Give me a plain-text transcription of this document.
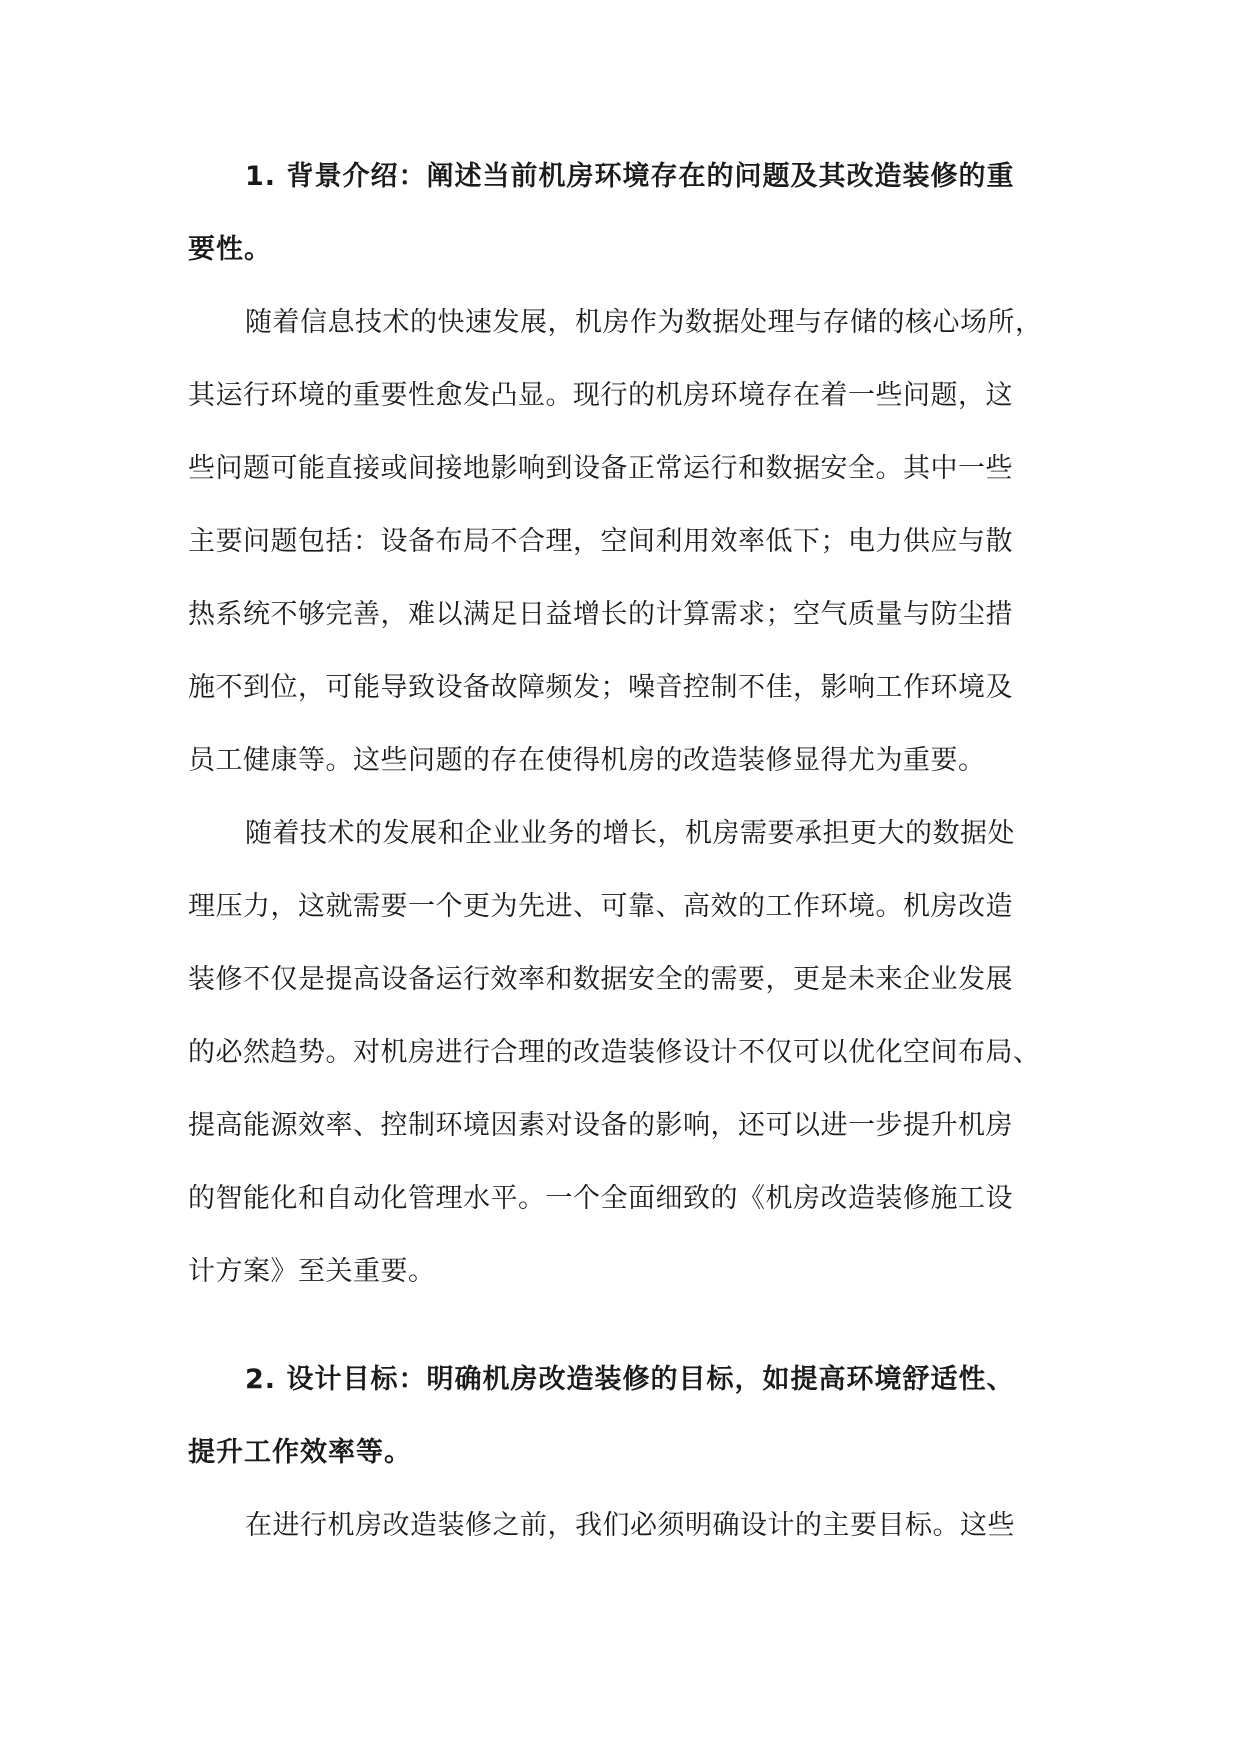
1. 背景介绍：阐述当前机房环境存在的问题及其改造装修的重
要性。
随着信息技术的快速发展，机房作为数据处理与存储的核心场所，
其运行环境的重要性愈发凸显。现行的机房环境存在着一些问题，这
些问题可能直接或间接地影响到设备正常运行和数据安全。其中一些
主要问题包括：设备布局不合理，空间利用效率低下；电力供应与散
热系统不够完善，难以满足日益增长的计算需求；空气质量与防尘措
施不到位，可能导致设备故障频发；噪音控制不佳，影响工作环境及
员工健康等。这些问题的存在使得机房的改造装修显得尤为重要。
随着技术的发展和企业业务的增长，机房需要承担更大的数据处
理压力，这就需要一个更为先进、可靠、高效的工作环境。机房改造
装修不仅是提高设备运行效率和数据安全的需要，更是未来企业发展
的必然趋势。对机房进行合理的改造装修设计不仅可以优化空间布局、
提高能源效率、控制环境因素对设备的影响，还可以进一步提升机房
的智能化和自动化管理水平。一个全面细致的《机房改造装修施工设
计方案》至关重要。
2. 设计目标：明确机房改造装修的目标，如提高环境舒适性、
提升工作效率等。
在进行机房改造装修之前，我们必须明确设计的主要目标。这些
